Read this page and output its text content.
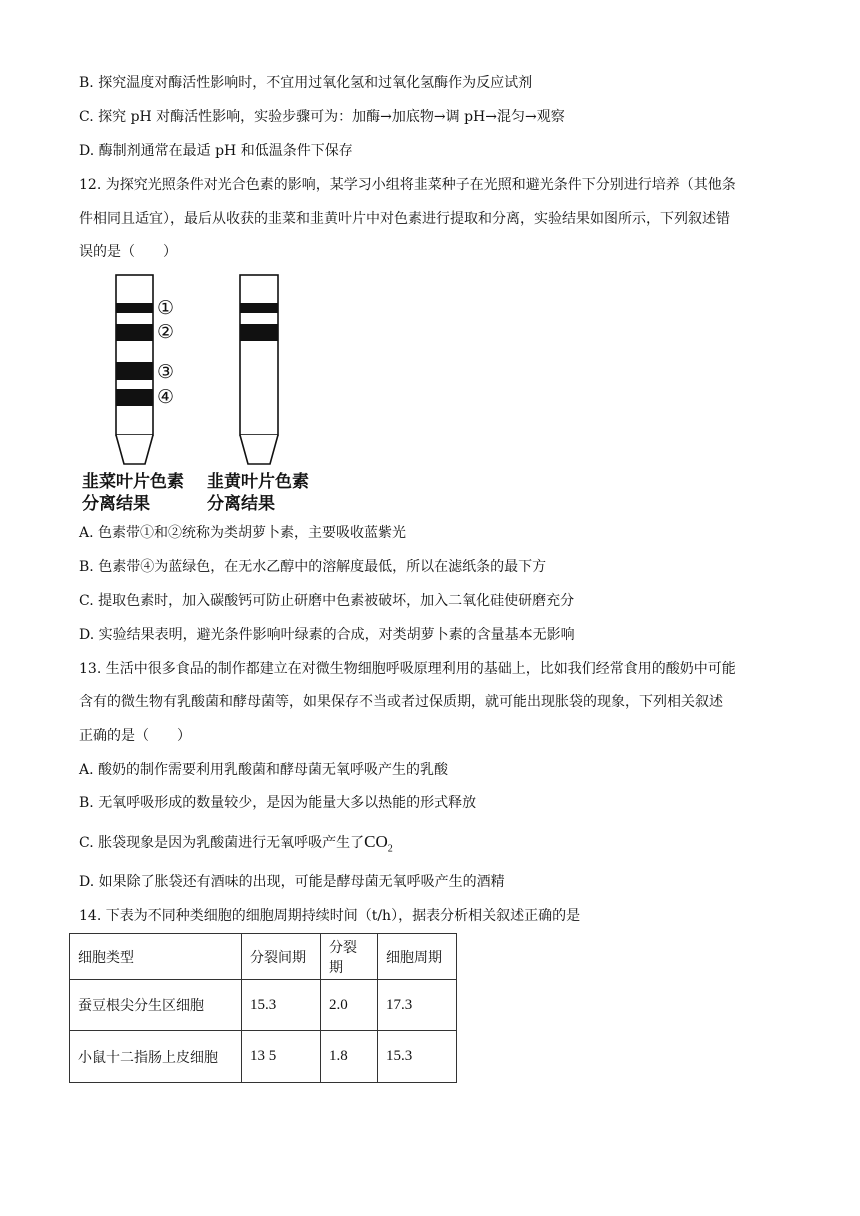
B. 探究温度对酶活性影响时，不宜用过氧化氢和过氧化氢酶作为反应试剂
C. 探究 pH 对酶活性影响，实验步骤可为：加酶→加底物→调 pH→混匀→观察
D. 酶制剂通常在最适 pH 和低温条件下保存
12. 为探究光照条件对光合色素的影响，某学习小组将韭菜种子在光照和避光条件下分别进行培养（其他条
件相同且适宜），最后从收获的韭菜和韭黄叶片中对色素进行提取和分离，实验结果如图所示，下列叙述错
误的是（　　）
①
②
③
④
韭菜叶片色素
分离结果
韭黄叶片色素
分离结果
A. 色素带①和②统称为类胡萝卜素，主要吸收蓝紫光
B. 色素带④为蓝绿色，在无水乙醇中的溶解度最低，所以在滤纸条的最下方
C. 提取色素时，加入碳酸钙可防止研磨中色素被破坏，加入二氧化硅使研磨充分
D. 实验结果表明，避光条件影响叶绿素的合成，对类胡萝卜素的含量基本无影响
13. 生活中很多食品的制作都建立在对微生物细胞呼吸原理利用的基础上，比如我们经常食用的酸奶中可能
含有的微生物有乳酸菌和酵母菌等，如果保存不当或者过保质期，就可能出现胀袋的现象，下列相关叙述
正确的是（　　）
A. 酸奶的制作需要利用乳酸菌和酵母菌无氧呼吸产生的乳酸
B. 无氧呼吸形成的数量较少，是因为能量大多以热能的形式释放
C. 胀袋现象是因为乳酸菌进行无氧呼吸产生了$CO_2$
D. 如果除了胀袋还有酒味的出现，可能是酵母菌无氧呼吸产生的酒精
14. 下表为不同种类细胞的细胞周期持续时间（t/h），据表分析相关叙述正确的是
细胞类型	分裂间期	分裂期	细胞周期
蚕豆根尖分生区细胞	15.3	2.0	17.3
小鼠十二指肠上皮细胞	13 5	1.8	15.3
